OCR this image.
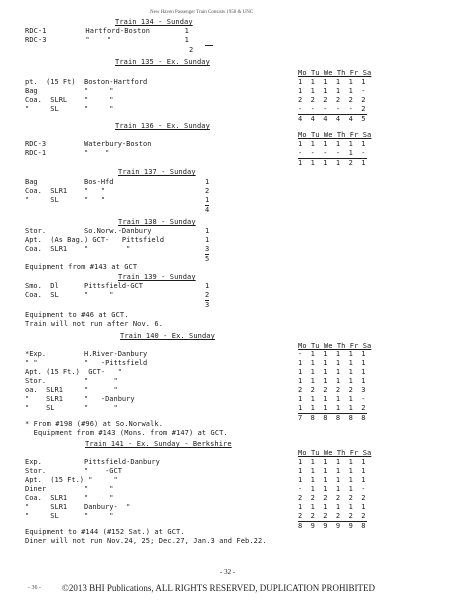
New Haven Passenger Train Consists 1958 & UNC
Train 134 - Sunday
RDC-1         Hartford-Boston        1
RDC-3         "    "                 1
2
Train 135 - Ex. Sunday
Mo Tu We Th Fr Sa
pt.  (15 Ft)  Boston-Hartford	1  1  1  1  1  1
Bag           "     "	1  1  1  1  1  -
Coa.  SLRL    "     "	2  2  2  2  2  2
"     SL      "     "	-  -  -  -  -  2
4  4  4  4  4  5
Train 136 - Ex. Sunday
Mo Tu We Th Fr Sa
RDC-3         Waterbury-Boston	1  1  1  1  1  1
RDC-1         "    "	-  -  -  -  1  -
1  1  1  1  2  1
Train 137 - Sunday
Bag           Bos-Hfd	1
Coa.  SLR1    "   "	2
"     SL      "   "	1
4
Train 138 - Sunday
Stor.         So.Norw.-Danbury	1
Apt.  (As Bag.) GCT-   Pittsfield	1
Coa.  SLR1    "         "	3
5
Equipment from #143 at GCT
Train 139 - Sunday
Smo.  Dl      Pittsfield-GCT	1
Coa.  SL      "     "	2
3
Equipment to #46 at GCT.
Train will not run after Nov. 6.
Train 140 - Ex. Sunday
Mo Tu We Th Fr Sa
*Exp.         H.River-Danbury	-  1  1  1  1  1
" "           "   -Pittsfield	1  1  1  1  1  1
Apt. (15 Ft.)  GCT-   "	1  1  1  1  1  1
Stor.         "      "	1  1  1  1  1  1
oa.  SLR1     "      "	2  2  2  2  2  3
"    SLR1     "   -Danbury	1  1  1  1  1  -
"    SL       "      "	1  1  1  1  1  2
7  8  8  8  8  8
* From #198 (#96) at So.Norwalk.
Equipment from #143 (Mons. from #147) at GCT.
Train 141 - Ex. Sunday - Berkshire
Mo Tu We Th Fr Sa
Exp.          Pittsfield-Danbury	1  1  1  1  1  1
Stor.         "    -GCT	1  1  1  1  1  1
Apt.  (15 Ft.) "     "	1  1  1  1  1  1
Diner         "     "	-  1  1  1  1  -
Coa.  SLR1    "     "	2  2  2  2  2  2
"     SLR1    Danbury-  "	1  1  1  1  1  1
"     SL      "     "	2  2  2  2  2  2
8  9  9  9  9  8
Equipment to #144 (#152 Sat.) at GCT.
Diner will not run Nov.24, 25; Dec.27, Jan.3 and Feb.22.
- 32 -
- 36 - ©2013 BHI Publications, ALL RIGHTS RESERVED, DUPLICATION PROHIBITED
